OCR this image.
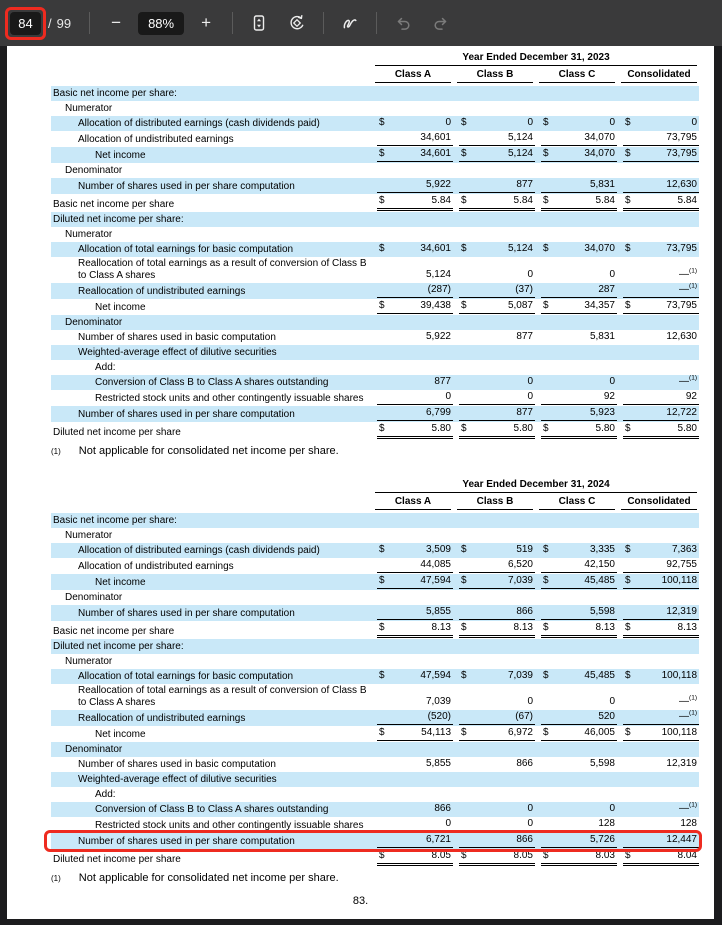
84	/ 99	−	88%	+
Year Ended December 31, 2023
Class A	Class B	Class C	Consolidated
Basic net income per share:
Numerator
Allocation of distributed earnings (cash dividends paid)	$	0 $	0 $	0 $	0
Allocation of undistributed earnings	34,601	5,124	34,070	73,795
Net income	$	34,601 $	5,124 $	34,070 $	73,795
Denominator
Number of shares used in per share computation	5,922	877	5,831	12,630
Basic net income per share	$	5.84 $	5.84 $	5.84 $	5.84
Diluted net income per share:
Numerator
Allocation of total earnings for basic computation	$	34,601 $	5,124 $	34,070 $	73,795
Reallocation of total earnings as a result of conversion of Class B to Class A shares	5,124	0	0	—$^{(1)}$
Reallocation of undistributed earnings	(287)	(37)	287	—$^{(1)}$
Net income	$	39,438 $	5,087 $	34,357 $	73,795
Denominator
Number of shares used in basic computation	5,922	877	5,831	12,630
Weighted-average effect of dilutive securities
Add:
Conversion of Class B to Class A shares outstanding	877	0	0	—$^{(1)}$
Restricted stock units and other contingently issuable shares	0	0	92	92
Number of shares used in per share computation	6,799	877	5,923	12,722
Diluted net income per share	$	5.80 $	5.80 $	5.80 $	5.80
(1) Not applicable for consolidated net income per share.
Year Ended December 31, 2024
Class A	Class B	Class C	Consolidated
Basic net income per share:
Numerator
Allocation of distributed earnings (cash dividends paid)	$	3,509 $	519 $	3,335 $	7,363
Allocation of undistributed earnings	44,085	6,520	42,150	92,755
Net income	$	47,594 $	7,039 $	45,485 $	100,118
Denominator
Number of shares used in per share computation	5,855	866	5,598	12,319
Basic net income per share	$	8.13 $	8.13 $	8.13 $	8.13
Diluted net income per share:
Numerator
Allocation of total earnings for basic computation	$	47,594 $	7,039 $	45,485 $	100,118
Reallocation of total earnings as a result of conversion of Class B to Class A shares	7,039	0	0	—$^{(1)}$
Reallocation of undistributed earnings	(520)	(67)	520	—$^{(1)}$
Net income	$	54,113 $	6,972 $	46,005 $	100,118
Denominator
Number of shares used in basic computation	5,855	866	5,598	12,319
Weighted-average effect of dilutive securities
Add:
Conversion of Class B to Class A shares outstanding	866	0	0	—$^{(1)}$
Restricted stock units and other contingently issuable shares	0	0	128	128
Number of shares used in per share computation	6,721	866	5,726	12,447
Diluted net income per share	$	8.05 $	8.05 $	8.03 $	8.04
(1) Not applicable for consolidated net income per share.
83.
